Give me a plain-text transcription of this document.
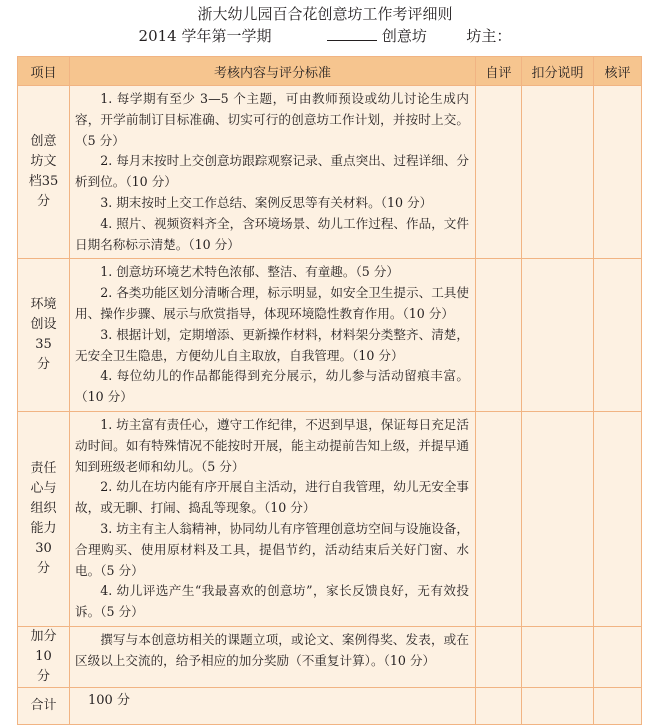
浙大幼儿园百合花创意坊工作考评细则
2014 学年第一学期	创意坊	坊主：
项目	考核内容与评分标准	自评	扣分说明	核评

创意坊文档35 分	1. 每学期有至少 3—5 个主题，可由教师预设或幼儿讨论生成内容，开学前制订目标准确、切实可行的创意坊工作计划，并按时上交。（5 分）

2. 每月末按时上交创意坊跟踪观察记录、重点突出、过程详细、分析到位。（10 分）

3. 期末按时上交工作总结、案例反思等有关材料。（10 分）

4. 照片、视频资料齐全，含环境场景、幼儿工作过程、作品，文件日期名称标示清楚。（10 分）			

环境创设35 分	1. 创意坊环境艺术特色浓郁、整洁、有童趣。（5 分）

2. 各类功能区划分清晰合理，标示明显，如安全卫生提示、工具使用、操作步骤、展示与欣赏指导，体现环境隐性教育作用。（10 分）

3. 根据计划，定期增添、更新操作材料，材料架分类整齐、清楚，无安全卫生隐患，方便幼儿自主取放，自我管理。（10 分）

4. 每位幼儿的作品都能得到充分展示，幼儿参与活动留痕丰富。（10 分）			

责任心与组织能力30 分	1. 坊主富有责任心，遵守工作纪律，不迟到早退，保证每日充足活动时间。如有特殊情况不能按时开展，能主动提前告知上级，并提早通知到班级老师和幼儿。（5 分）

2. 幼儿在坊内能有序开展自主活动，进行自我管理，幼儿无安全事故，或无聊、打闹、捣乱等现象。（10 分）

3. 坊主有主人翁精神，协同幼儿有序管理创意坊空间与设施设备，合理购买、使用原材料及工具，提倡节约，活动结束后关好门窗、水电。（5 分）

4. 幼儿评选产生“我最喜欢的创意坊”，家长反馈良好，无有效投诉。（5 分）			

加分10 分	撰写与本创意坊相关的课题立项，或论文、案例得奖、发表，或在区级以上交流的，给予相应的加分奖励（不重复计算）。（10 分）			

合计	100 分			
